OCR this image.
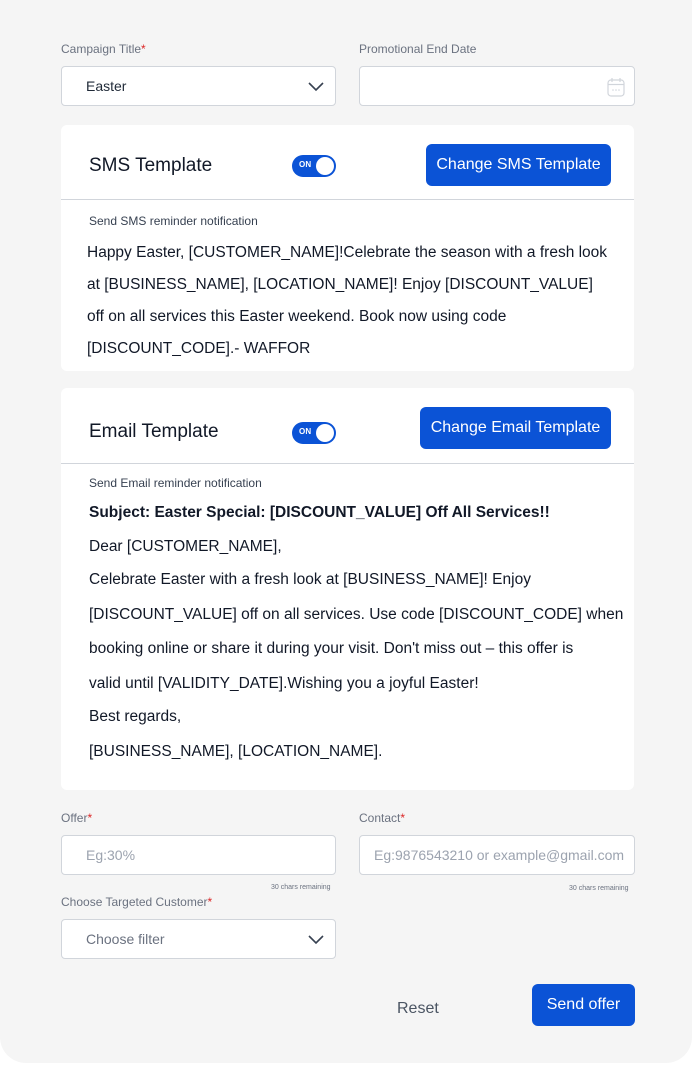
Campaign Title*
Easter
Promotional End Date
SMS Template	ON	Change SMS Template
Send SMS reminder notification
Happy Easter, [CUSTOMER_NAME]!Celebrate the season with a fresh look at [BUSINESS_NAME], [LOCATION_NAME]! Enjoy [DISCOUNT_VALUE] off on all services this Easter weekend. Book now using code [DISCOUNT_CODE].- WAFFOR
Email Template	ON	Change Email Template
Send Email reminder notification
Subject: Easter Special: [DISCOUNT_VALUE] Off All Services!!
Dear [CUSTOMER_NAME],
Celebrate Easter with a fresh look at [BUSINESS_NAME]! Enjoy
[DISCOUNT_VALUE] off on all services. Use code [DISCOUNT_CODE] when
booking online or share it during your visit. Don't miss out – this offer is
valid until [VALIDITY_DATE].Wishing you a joyful Easter!
Best regards,
[BUSINESS_NAME], [LOCATION_NAME].
Offer*
Eg:30%
30 chars remaining
Contact*
Eg:9876543210 or example@gmail.com
30 chars remaining
Choose Targeted Customer*
Choose filter
Reset	Send offer
